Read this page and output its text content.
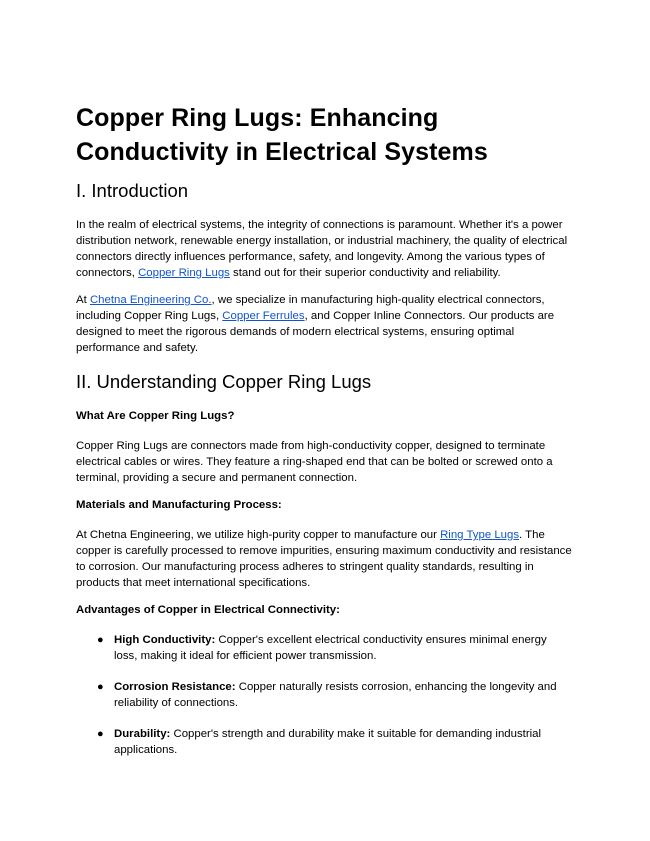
Copper Ring Lugs: Enhancing Conductivity in Electrical Systems
I. Introduction

In the realm of electrical systems, the integrity of connections is paramount. Whether it's a power distribution network, renewable energy installation, or industrial machinery, the quality of electrical connectors directly influences performance, safety, and longevity. Among the various types of connectors, Copper Ring Lugs stand out for their superior conductivity and reliability.

At Chetna Engineering Co., we specialize in manufacturing high-quality electrical connectors, including Copper Ring Lugs, Copper Ferrules, and Copper Inline Connectors. Our products are designed to meet the rigorous demands of modern electrical systems, ensuring optimal performance and safety.

II. Understanding Copper Ring Lugs

What Are Copper Ring Lugs?

Copper Ring Lugs are connectors made from high-conductivity copper, designed to terminate electrical cables or wires. They feature a ring-shaped end that can be bolted or screwed onto a terminal, providing a secure and permanent connection.

Materials and Manufacturing Process:

At Chetna Engineering, we utilize high-purity copper to manufacture our Ring Type Lugs. The copper is carefully processed to remove impurities, ensuring maximum conductivity and resistance to corrosion. Our manufacturing process adheres to stringent quality standards, resulting in products that meet international specifications.

Advantages of Copper in Electrical Connectivity:

● High Conductivity: Copper's excellent electrical conductivity ensures minimal energy loss, making it ideal for efficient power transmission.
● Corrosion Resistance: Copper naturally resists corrosion, enhancing the longevity and reliability of connections.
● Durability: Copper's strength and durability make it suitable for demanding industrial applications.
